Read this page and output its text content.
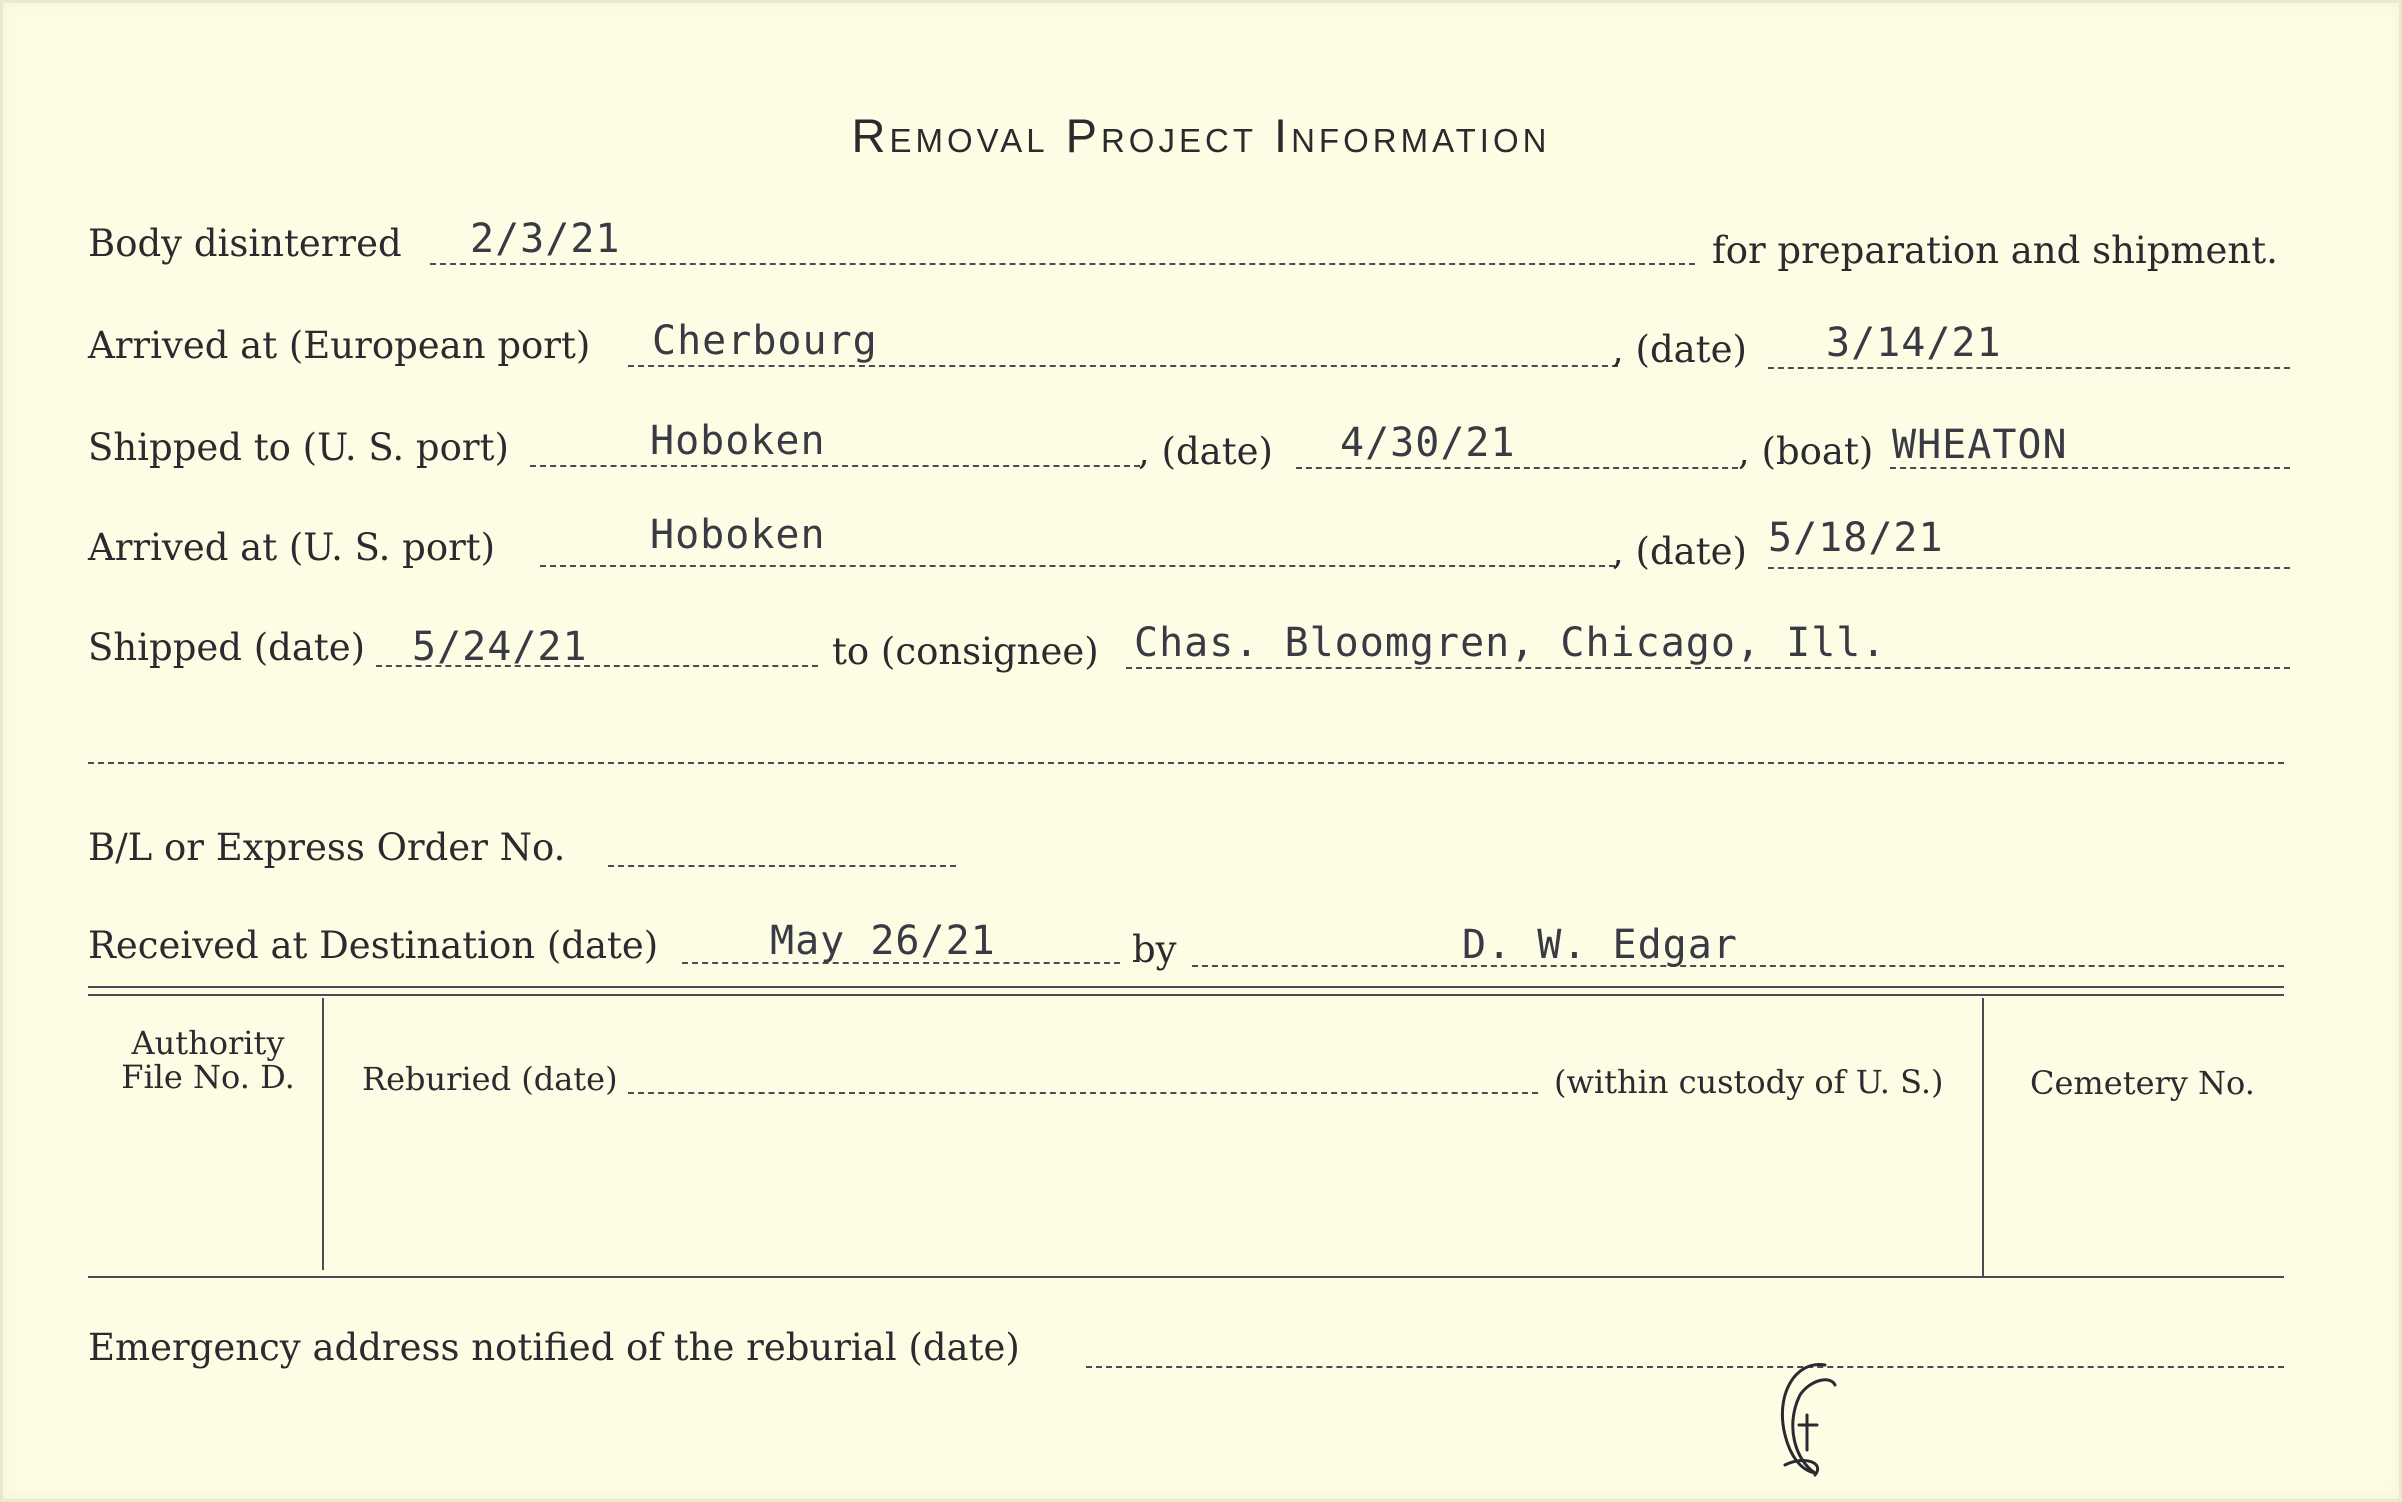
Removal Project Information
Body disinterred 2/3/21	for preparation and shipment.
Arrived at (European port) Cherbourg	, (date) 3/14/21
Shipped to (U. S. port)	Hoboken	, (date) 4/30/21	, (boat) WHEATON
Arrived at (U. S. port)	Hoboken	, (date) 5/18/21
Shipped (date) 5/24/21	to (consignee) Chas. Bloomgren, Chicago, Ill.
B/L or Express Order No.
Received at Destination (date)	May 26/21	by	D. W. Edgar
Authority
File No. D.	Reburied (date)	(within custody of U. S.)	Cemetery No.
Emergency address notified of the reburial (date)
